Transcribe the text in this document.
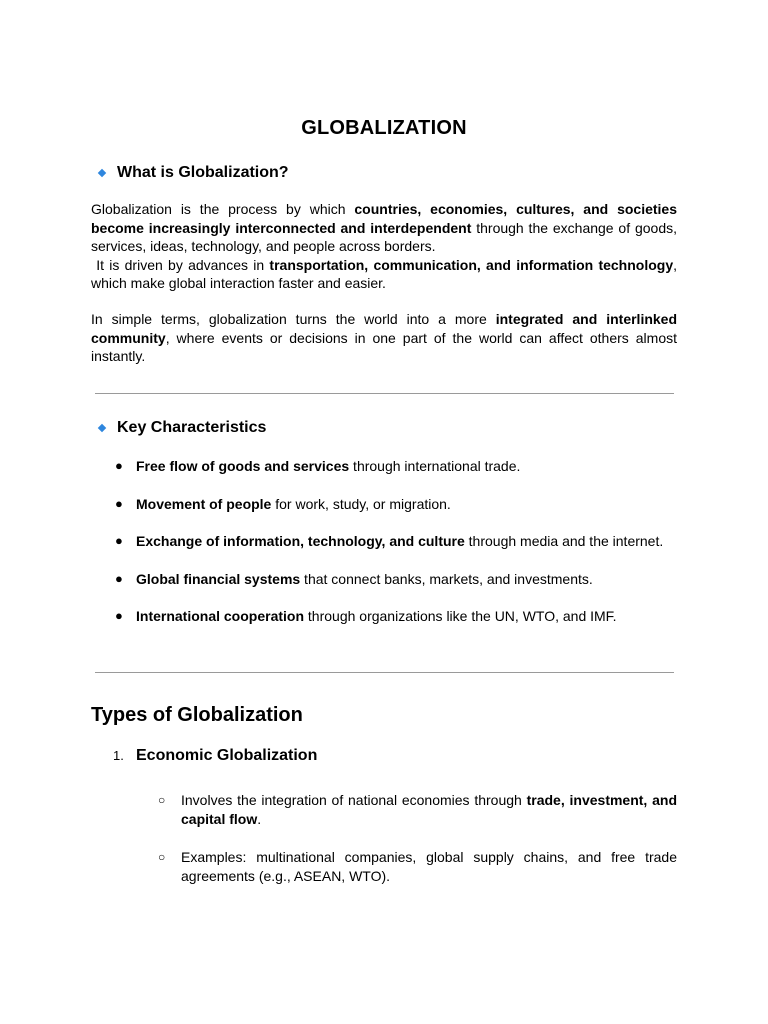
GLOBALIZATION
What is Globalization?
Globalization is the process by which countries, economies, cultures, and societies become increasingly interconnected and interdependent through the exchange of goods, services, ideas, technology, and people across borders.
It is driven by advances in transportation, communication, and information technology, which make global interaction faster and easier.
In simple terms, globalization turns the world into a more integrated and interlinked community, where events or decisions in one part of the world can affect others almost instantly.
Key Characteristics
● Free flow of goods and services through international trade.
● Movement of people for work, study, or migration.
● Exchange of information, technology, and culture through media and the internet.
● Global financial systems that connect banks, markets, and investments.
● International cooperation through organizations like the UN, WTO, and IMF.
Types of Globalization
1. Economic Globalization
○ Involves the integration of national economies through trade, investment, and capital flow.
○ Examples: multinational companies, global supply chains, and free trade agreements (e.g., ASEAN, WTO).
